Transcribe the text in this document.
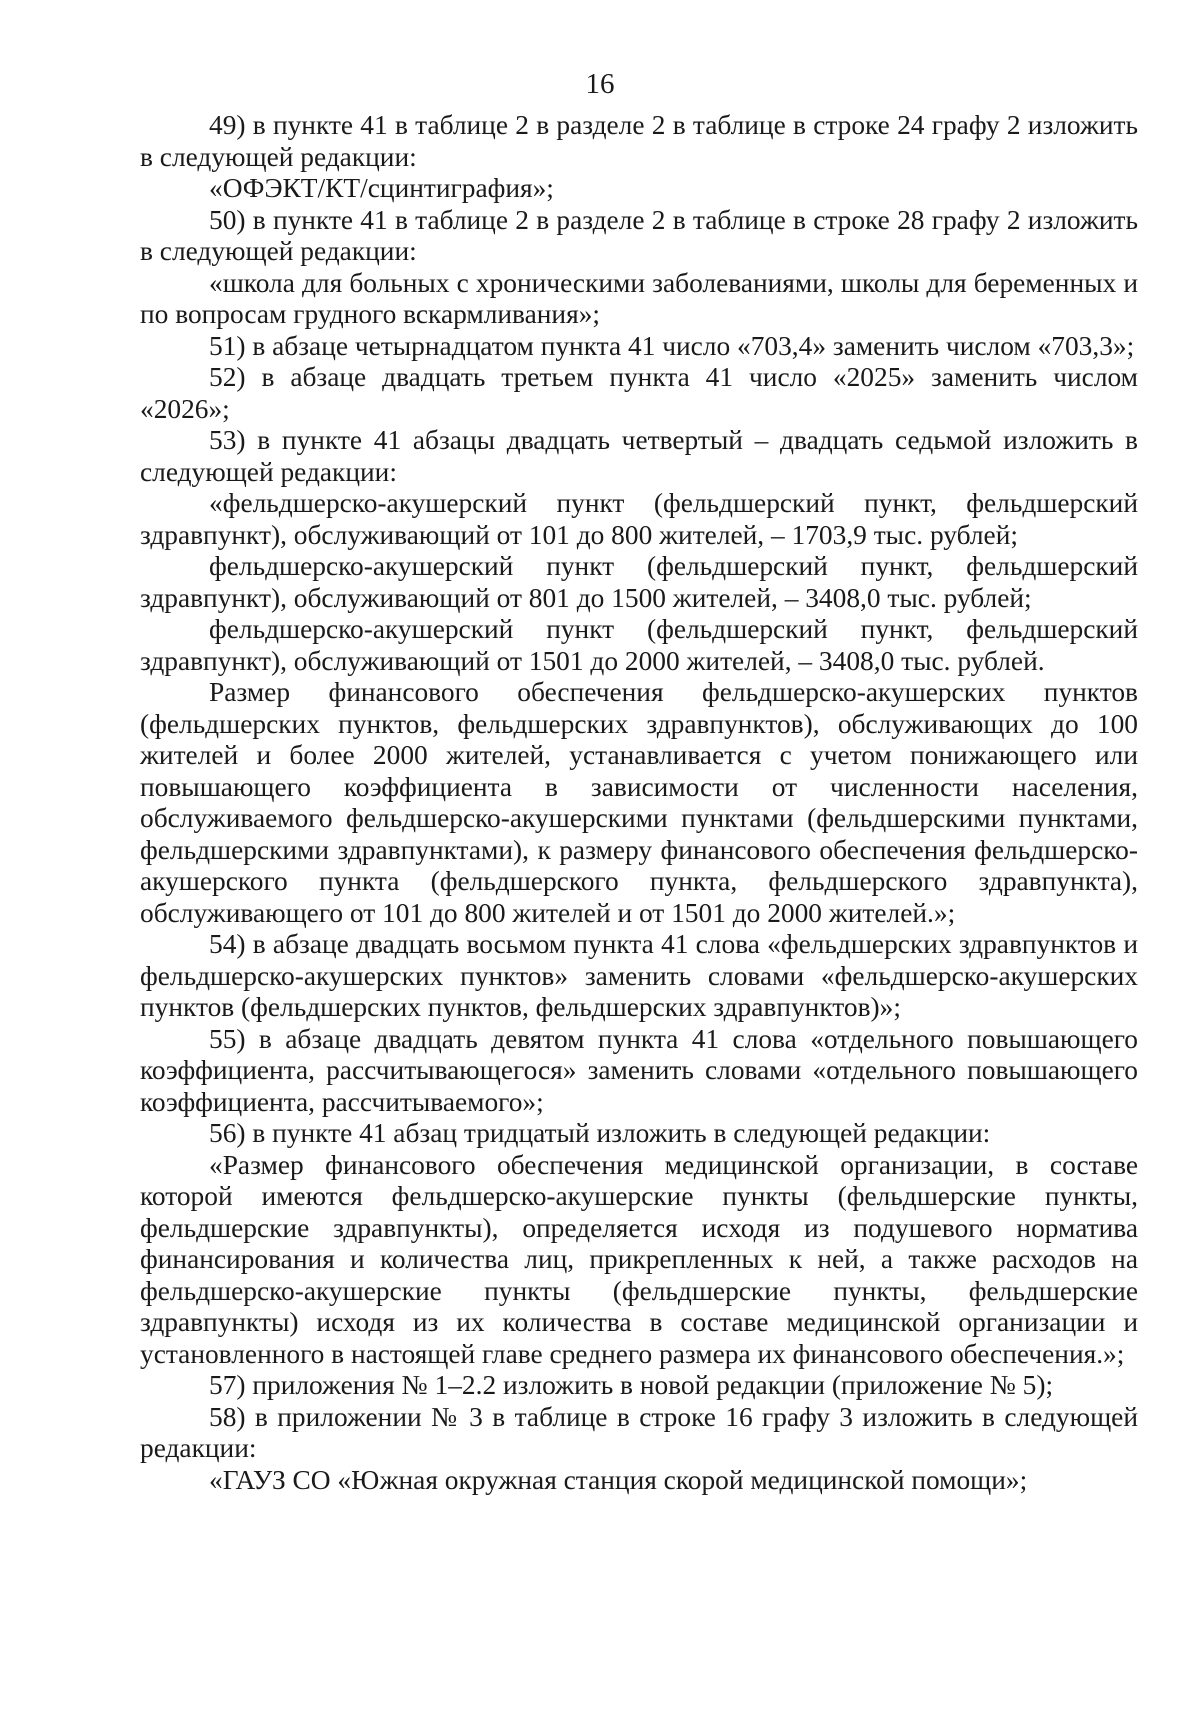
16

49) в пункте 41 в таблице 2 в разделе 2 в таблице в строке 24 графу 2 изложить в следующей редакции:

«ОФЭКТ/КТ/сцинтиграфия»;

50) в пункте 41 в таблице 2 в разделе 2 в таблице в строке 28 графу 2 изложить в следующей редакции:

«школа для больных с хроническими заболеваниями, школы для беременных и по вопросам грудного вскармливания»;

51) в абзаце четырнадцатом пункта 41 число «703,4» заменить числом «703,3»;

52) в абзаце двадцать третьем пункта 41 число «2025» заменить числом «2026»;

53) в пункте 41 абзацы двадцать четвертый – двадцать седьмой изложить в следующей редакции:

«фельдшерско-акушерский пункт (фельдшерский пункт, фельдшерский здравпункт), обслуживающий от 101 до 800 жителей, – 1703,9 тыс. рублей;

фельдшерско-акушерский пункт (фельдшерский пункт, фельдшерский здравпункт), обслуживающий от 801 до 1500 жителей, – 3408,0 тыс. рублей;

фельдшерско-акушерский пункт (фельдшерский пункт, фельдшерский здравпункт), обслуживающий от 1501 до 2000 жителей, – 3408,0 тыс. рублей.

Размер финансового обеспечения фельдшерско-акушерских пунктов (фельдшерских пунктов, фельдшерских здравпунктов), обслуживающих до 100 жителей и более 2000 жителей, устанавливается с учетом понижающего или повышающего коэффициента в зависимости от численности населения, обслуживаемого фельдшерско-акушерскими пунктами (фельдшерскими пунктами, фельдшерскими здравпунктами), к размеру финансового обеспечения фельдшерско-акушерского пункта (фельдшерского пункта, фельдшерского здравпункта), обслуживающего от 101 до 800 жителей и от 1501 до 2000 жителей.»;

54) в абзаце двадцать восьмом пункта 41 слова «фельдшерских здравпунктов и фельдшерско-акушерских пунктов» заменить словами «фельдшерско-акушерских пунктов (фельдшерских пунктов, фельдшерских здравпунктов)»;

55) в абзаце двадцать девятом пункта 41 слова «отдельного повышающего коэффициента, рассчитывающегося» заменить словами «отдельного повышающего коэффициента, рассчитываемого»;

56) в пункте 41 абзац тридцатый изложить в следующей редакции:

«Размер финансового обеспечения медицинской организации, в составе которой имеются фельдшерско-акушерские пункты (фельдшерские пункты, фельдшерские здравпункты), определяется исходя из подушевого норматива финансирования и количества лиц, прикрепленных к ней, а также расходов на фельдшерско-акушерские пункты (фельдшерские пункты, фельдшерские здравпункты) исходя из их количества в составе медицинской организации и установленного в настоящей главе среднего размера их финансового обеспечения.»;

57) приложения № 1–2.2 изложить в новой редакции (приложение № 5);

58) в приложении № 3 в таблице в строке 16 графу 3 изложить в следующей редакции:

«ГАУЗ СО «Южная окружная станция скорой медицинской помощи»;
